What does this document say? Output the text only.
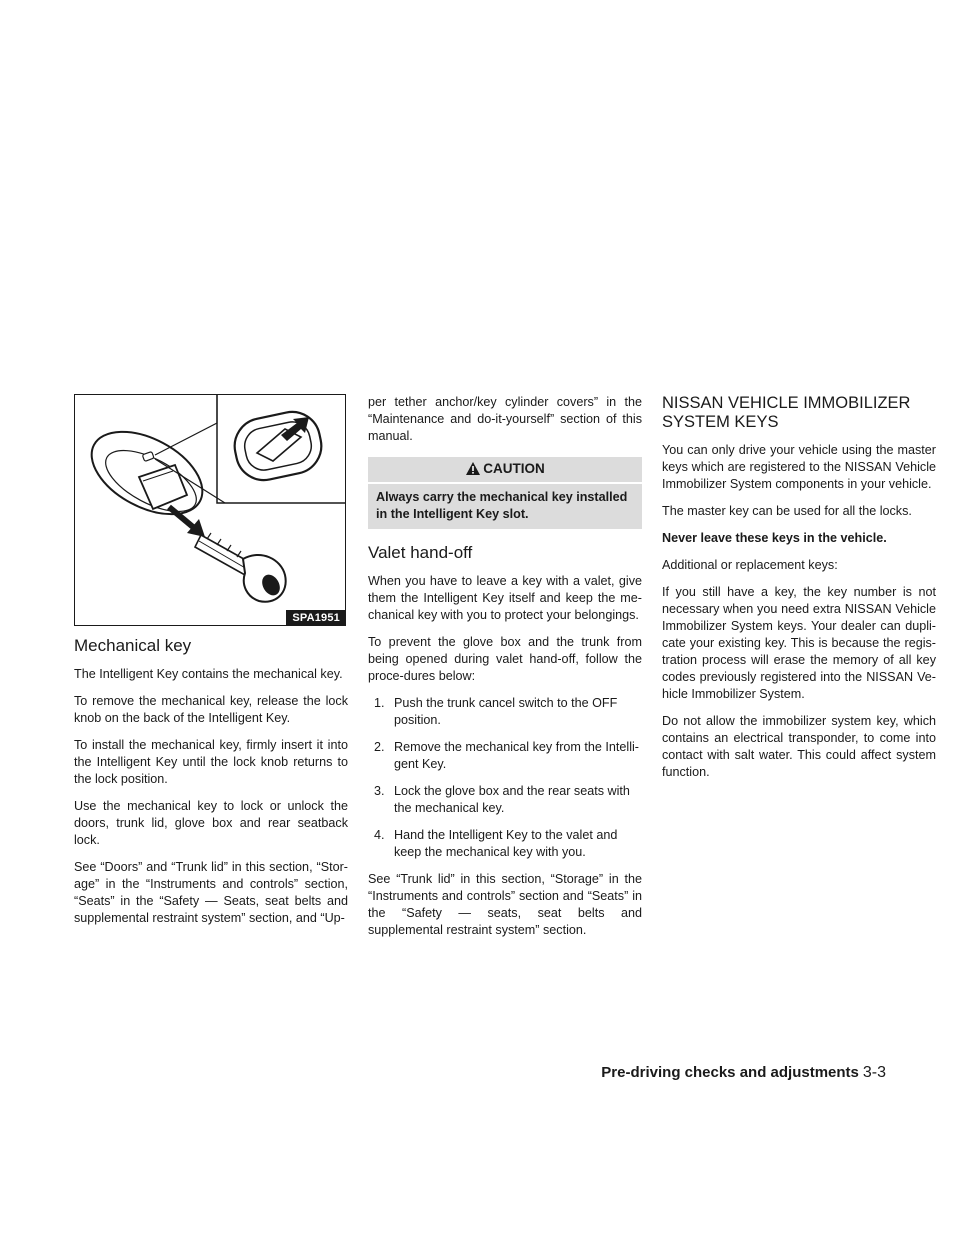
SPA1951
Mechanical key

The Intelligent Key contains the mechanical key.

To remove the mechanical key, release the lock knob on the back of the Intelligent Key.

To install the mechanical key, firmly insert it into the Intelligent Key until the lock knob returns to the lock position.

Use the mechanical key to lock or unlock the doors, trunk lid, glove box and rear seatback lock.

See “Doors” and “Trunk lid” in this section, “Stor-age” in the “Instruments and controls” section, “Seats” in the “Safety — Seats, seat belts and supplemental restraint system” section, and “Up-

per tether anchor/key cylinder covers” in the “Maintenance and do-it-yourself” section of this manual.

CAUTION
Always carry the mechanical key installed in the Intelligent Key slot.
Valet hand-off

When you have to leave a key with a valet, give them the Intelligent Key itself and keep the me-chanical key with you to protect your belongings.

To prevent the glove box and the trunk from being opened during valet hand-off, follow the proce-dures below:

1. Push the trunk cancel switch to the OFF position.
2. Remove the mechanical key from the Intelli-gent Key.
3. Lock the glove box and the rear seats with the mechanical key.
4. Hand the Intelligent Key to the valet and keep the mechanical key with you.

See “Trunk lid” in this section, “Storage” in the “Instruments and controls” section and “Seats” in the “Safety — seats, seat belts and supplemental restraint system” section.

NISSAN VEHICLE IMMOBILIZER
SYSTEM KEYS

You can only drive your vehicle using the master keys which are registered to the NISSAN Vehicle Immobilizer System components in your vehicle.

The master key can be used for all the locks.

Never leave these keys in the vehicle.

Additional or replacement keys:

If you still have a key, the key number is not necessary when you need extra NISSAN Vehicle Immobilizer System keys. Your dealer can dupli-cate your existing key. This is because the regis-tration process will erase the memory of all key codes previously registered into the NISSAN Ve-hicle Immobilizer System.

Do not allow the immobilizer system key, which contains an electrical transponder, to come into contact with salt water. This could affect system function.

Pre-driving checks and adjustments 3-3
